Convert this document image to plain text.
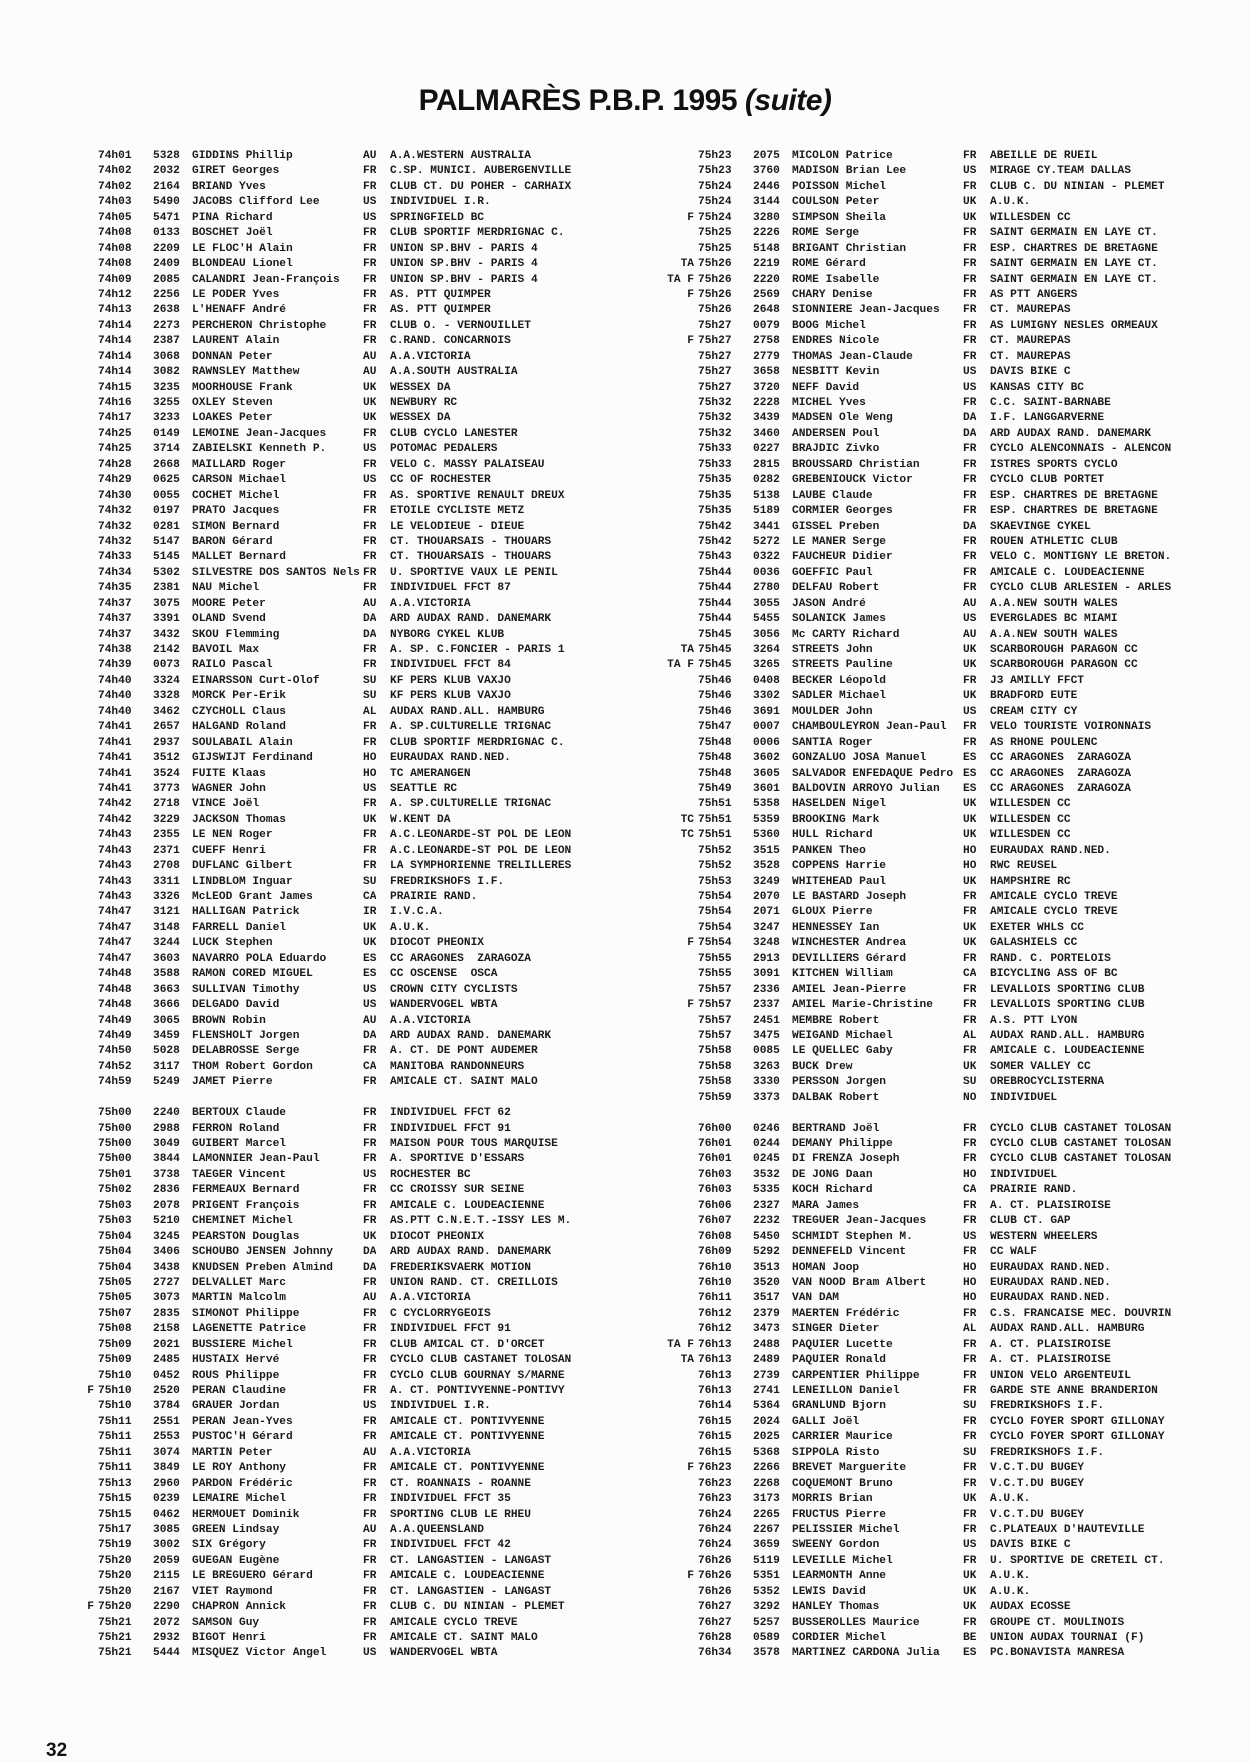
PALMARÈS P.B.P. 1995 (suite)
74h01 5328 GIDDINS Phillip	AU A.A.WESTERN AUSTRALIA
74h02 2032 GIRET Georges	FR C.SP. MUNICI. AUBERGENVILLE
74h02 2164 BRIAND Yves	FR CLUB CT. DU POHER - CARHAIX
74h03 5490 JACOBS Clifford Lee	US INDIVIDUEL I.R.
74h05 5471 PINA Richard	US SPRINGFIELD BC
74h08 0133 BOSCHET Joël	FR CLUB SPORTIF MERDRIGNAC C.
74h08 2209 LE FLOC'H Alain	FR UNION SP.BHV - PARIS 4
74h08 2409 BLONDEAU Lionel	FR UNION SP.BHV - PARIS 4
74h09 2085 CALANDRI Jean-François	FR UNION SP.BHV - PARIS 4
74h12 2256 LE PODER Yves	FR AS. PTT QUIMPER
74h13 2638 L'HENAFF André	FR AS. PTT QUIMPER
74h14 2273 PERCHERON Christophe	FR CLUB O. - VERNOUILLET
74h14 2387 LAURENT Alain	FR C.RAND. CONCARNOIS
74h14 3068 DONNAN Peter	AU A.A.VICTORIA
74h14 3082 RAWNSLEY Matthew	AU A.A.SOUTH AUSTRALIA
74h15 3235 MOORHOUSE Frank	UK WESSEX DA
74h16 3255 OXLEY Steven	UK NEWBURY RC
74h17 3233 LOAKES Peter	UK WESSEX DA
74h25 0149 LEMOINE Jean-Jacques	FR CLUB CYCLO LANESTER
74h25 3714 ZABIELSKI Kenneth P.	US POTOMAC PEDALERS
74h28 2668 MAILLARD Roger	FR VELO C. MASSY PALAISEAU
74h29 0625 CARSON Michael	US CC OF ROCHESTER
74h30 0055 COCHET Michel	FR AS. SPORTIVE RENAULT DREUX
74h32 0197 PRATO Jacques	FR ETOILE CYCLISTE METZ
74h32 0281 SIMON Bernard	FR LE VELODIEUE - DIEUE
74h32 5147 BARON Gérard	FR CT. THOUARSAIS - THOUARS
74h33 5145 MALLET Bernard	FR CT. THOUARSAIS - THOUARS
74h34 5302 SILVESTRE DOS SANTOS Nels FR U. SPORTIVE VAUX LE PENIL
74h35 2381 NAU Michel	FR INDIVIDUEL FFCT 87
74h37 3075 MOORE Peter	AU A.A.VICTORIA
74h37 3391 OLAND Svend	DA ARD AUDAX RAND. DANEMARK
74h37 3432 SKOU Flemming	DA NYBORG CYKEL KLUB
74h38 2142 BAVOIL Max	FR A. SP. C.FONCIER - PARIS 1
74h39 0073 RAILO Pascal	FR INDIVIDUEL FFCT 84
74h40 3324 EINARSSON Curt-Olof	SU KF PERS KLUB VAXJO
74h40 3328 MORCK Per-Erik	SU KF PERS KLUB VAXJO
74h40 3462 CZYCHOLL Claus	AL AUDAX RAND.ALL. HAMBURG
74h41 2657 HALGAND Roland	FR A. SP.CULTURELLE TRIGNAC
74h41 2937 SOULABAIL Alain	FR CLUB SPORTIF MERDRIGNAC C.
74h41 3512 GIJSWIJT Ferdinand	HO EURAUDAX RAND.NED.
74h41 3524 FUITE Klaas	HO TC AMERANGEN
74h41 3773 WAGNER John	US SEATTLE RC
74h42 2718 VINCE Joël	FR A. SP.CULTURELLE TRIGNAC
74h42 3229 JACKSON Thomas	UK W.KENT DA
74h43 2355 LE NEN Roger	FR A.C.LEONARDE-ST POL DE LEON
74h43 2371 CUEFF Henri	FR A.C.LEONARDE-ST POL DE LEON
74h43 2708 DUFLANC Gilbert	FR LA SYMPHORIENNE TRELILLERES
74h43 3311 LINDBLOM Inguar	SU FREDRIKSHOFS I.F.
74h43 3326 McLEOD Grant James	CA PRAIRIE RAND.
74h47 3121 HALLIGAN Patrick	IR I.V.C.A.
74h47 3148 FARRELL Daniel	UK A.U.K.
74h47 3244 LUCK Stephen	UK DIOCOT PHEONIX
74h47 3603 NAVARRO POLA Eduardo	ES CC ARAGONES  ZARAGOZA
74h48 3588 RAMON CORED MIGUEL	ES CC OSCENSE  OSCA
74h48 3663 SULLIVAN Timothy	US CROWN CITY CYCLISTS
74h48 3666 DELGADO David	US WANDERVOGEL WBTA
74h49 3065 BROWN Robin	AU A.A.VICTORIA
74h49 3459 FLENSHOLT Jorgen	DA ARD AUDAX RAND. DANEMARK
74h50 5028 DELABROSSE Serge	FR A. CT. DE PONT AUDEMER
74h52 3117 THOM Robert Gordon	CA MANITOBA RANDONNEURS
74h59 5249 JAMET Pierre	FR AMICALE CT. SAINT MALO
75h00 2240 BERTOUX Claude	FR INDIVIDUEL FFCT 62
75h00 2988 FERRON Roland	FR INDIVIDUEL FFCT 91
75h00 3049 GUIBERT Marcel	FR MAISON POUR TOUS MARQUISE
75h00 3844 LAMONNIER Jean-Paul	FR A. SPORTIVE D'ESSARS
75h01 3738 TAEGER Vincent	US ROCHESTER BC
75h02 2836 FERMEAUX Bernard	FR CC CROISSY SUR SEINE
75h03 2078 PRIGENT François	FR AMICALE C. LOUDEACIENNE
75h03 5210 CHEMINET Michel	FR AS.PTT C.N.E.T.-ISSY LES M.
75h04 3245 PEARSTON Douglas	UK DIOCOT PHEONIX
75h04 3406 SCHOUBO JENSEN Johnny	DA ARD AUDAX RAND. DANEMARK
75h04 3438 KNUDSEN Preben Almind	DA FREDERIKSVAERK MOTION
75h05 2727 DELVALLET Marc	FR UNION RAND. CT. CREILLOIS
75h05 3073 MARTIN Malcolm	AU A.A.VICTORIA
75h07 2835 SIMONOT Philippe	FR C CYCLORRYGEOIS
75h08 2158 LAGENETTE Patrice	FR INDIVIDUEL FFCT 91
75h09 2021 BUSSIERE Michel	FR CLUB AMICAL CT. D'ORCET
75h09 2485 HUSTAIX Hervé	FR CYCLO CLUB CASTANET TOLOSAN
75h10 0452 ROUS Philippe	FR CYCLO CLUB GOURNAY S/MARNE
F 75h10 2520 PERAN Claudine	FR A. CT. PONTIVYENNE-PONTIVY
75h10 3784 GRAUER Jordan	US INDIVIDUEL I.R.
75h11 2551 PERAN Jean-Yves	FR AMICALE CT. PONTIVYENNE
75h11 2553 PUSTOC'H Gérard	FR AMICALE CT. PONTIVYENNE
75h11 3074 MARTIN Peter	AU A.A.VICTORIA
75h11 3849 LE ROY Anthony	FR AMICALE CT. PONTIVYENNE
75h13 2960 PARDON Frédéric	FR CT. ROANNAIS - ROANNE
75h15 0239 LEMAIRE Michel	FR INDIVIDUEL FFCT 35
75h15 0462 HERMOUET Dominik	FR SPORTING CLUB LE RHEU
75h17 3085 GREEN Lindsay	AU A.A.QUEENSLAND
75h19 3002 SIX Grégory	FR INDIVIDUEL FFCT 42
75h20 2059 GUEGAN Eugène	FR CT. LANGASTIEN - LANGAST
75h20 2115 LE BREGUERO Gérard	FR AMICALE C. LOUDEACIENNE
75h20 2167 VIET Raymond	FR CT. LANGASTIEN - LANGAST
F 75h20 2290 CHAPRON Annick	FR CLUB C. DU NINIAN - PLEMET
75h21 2072 SAMSON Guy	FR AMICALE CYCLO TREVE
75h21 2932 BIGOT Henri	FR AMICALE CT. SAINT MALO
75h21 5444 MISQUEZ Victor Angel	US WANDERVOGEL WBTA
75h23 2075 MICOLON Patrice	FR ABEILLE DE RUEIL
75h23 3760 MADISON Brian Lee	US MIRAGE CY.TEAM DALLAS
75h24 2446 POISSON Michel	FR CLUB C. DU NINIAN - PLEMET
75h24 3144 COULSON Peter	UK A.U.K.
F 75h24 3280 SIMPSON Sheila	UK WILLESDEN CC
75h25 2226 ROME Serge	FR SAINT GERMAIN EN LAYE CT.
75h25 5148 BRIGANT Christian	FR ESP. CHARTRES DE BRETAGNE
TA 75h26 2219 ROME Gérard	FR SAINT GERMAIN EN LAYE CT.
TA F 75h26 2220 ROME Isabelle	FR SAINT GERMAIN EN LAYE CT.
F 75h26 2569 CHARY Denise	FR AS PTT ANGERS
75h26 2648 SIONNIERE Jean-Jacques	FR CT. MAUREPAS
75h27 0079 BOOG Michel	FR AS LUMIGNY NESLES ORMEAUX
F 75h27 2758 ENDRES Nicole	FR CT. MAUREPAS
75h27 2779 THOMAS Jean-Claude	FR CT. MAUREPAS
75h27 3658 NESBITT Kevin	US DAVIS BIKE C
75h27 3720 NEFF David	US KANSAS CITY BC
75h32 2228 MICHEL Yves	FR C.C. SAINT-BARNABE
75h32 3439 MADSEN Ole Weng	DA I.F. LANGGARVERNE
75h32 3460 ANDERSEN Poul	DA ARD AUDAX RAND. DANEMARK
75h33 0227 BRAJDIC Zivko	FR CYCLO ALENCONNAIS - ALENCON
75h33 2815 BROUSSARD Christian	FR ISTRES SPORTS CYCLO
75h35 0282 GREBENIOUCK Victor	FR CYCLO CLUB PORTET
75h35 5138 LAUBE Claude	FR ESP. CHARTRES DE BRETAGNE
75h35 5189 CORMIER Georges	FR ESP. CHARTRES DE BRETAGNE
75h42 3441 GISSEL Preben	DA SKAEVINGE CYKEL
75h42 5272 LE MANER Serge	FR ROUEN ATHLETIC CLUB
75h43 0322 FAUCHEUR Didier	FR VELO C. MONTIGNY LE BRETON.
75h44 0036 GOEFFIC Paul	FR AMICALE C. LOUDEACIENNE
75h44 2780 DELFAU Robert	FR CYCLO CLUB ARLESIEN - ARLES
75h44 3055 JASON André	AU A.A.NEW SOUTH WALES
75h44 5455 SOLANICK James	US EVERGLADES BC MIAMI
75h45 3056 Mc CARTY Richard	AU A.A.NEW SOUTH WALES
TA 75h45 3264 STREETS John	UK SCARBOROUGH PARAGON CC
TA F 75h45 3265 STREETS Pauline	UK SCARBOROUGH PARAGON CC
75h46 0408 BECKER Léopold	FR J3 AMILLY FFCT
75h46 3302 SADLER Michael	UK BRADFORD EUTE
75h46 3691 MOULDER John	US CREAM CITY CY
75h47 0007 CHAMBOULEYRON Jean-Paul	FR VELO TOURISTE VOIRONNAIS
75h48 0006 SANTIA Roger	FR AS RHONE POULENC
75h48 3602 GONZALUO JOSA Manuel	ES CC ARAGONES  ZARAGOZA
75h48 3605 SALVADOR ENFEDAQUE Pedro ES CC ARAGONES  ZARAGOZA
75h49 3601 BALDOVIN ARROYO Julian	ES CC ARAGONES  ZARAGOZA
75h51 5358 HASELDEN Nigel	UK WILLESDEN CC
TC 75h51 5359 BROOKING Mark	UK WILLESDEN CC
TC 75h51 5360 HULL Richard	UK WILLESDEN CC
75h52 3515 PANKEN Theo	HO EURAUDAX RAND.NED.
75h52 3528 COPPENS Harrie	HO RWC REUSEL
75h53 3249 WHITEHEAD Paul	UK HAMPSHIRE RC
75h54 2070 LE BASTARD Joseph	FR AMICALE CYCLO TREVE
75h54 2071 GLOUX Pierre	FR AMICALE CYCLO TREVE
75h54 3247 HENNESSEY Ian	UK EXETER WHLS CC
F 75h54 3248 WINCHESTER Andrea	UK GALASHIELS CC
75h55 2913 DEVILLIERS Gérard	FR RAND. C. PORTELOIS
75h55 3091 KITCHEN William	CA BICYCLING ASS OF BC
75h57 2336 AMIEL Jean-Pierre	FR LEVALLOIS SPORTING CLUB
F 75h57 2337 AMIEL Marie-Christine	FR LEVALLOIS SPORTING CLUB
75h57 2451 MEMBRE Robert	FR A.S. PTT LYON
75h57 3475 WEIGAND Michael	AL AUDAX RAND.ALL. HAMBURG
75h58 0085 LE QUELLEC Gaby	FR AMICALE C. LOUDEACIENNE
75h58 3263 BUCK Drew	UK SOMER VALLEY CC
75h58 3330 PERSSON Jorgen	SU OREBROCYCLISTERNA
75h59 3373 DALBAK Robert	NO INDIVIDUEL
76h00 0246 BERTRAND Joël	FR CYCLO CLUB CASTANET TOLOSAN
76h01 0244 DEMANY Philippe	FR CYCLO CLUB CASTANET TOLOSAN
76h01 0245 DI FRENZA Joseph	FR CYCLO CLUB CASTANET TOLOSAN
76h03 3532 DE JONG Daan	HO INDIVIDUEL
76h03 5335 KOCH Richard	CA PRAIRIE RAND.
76h06 2327 MARA James	FR A. CT. PLAISIROISE
76h07 2232 TREGUER Jean-Jacques	FR CLUB CT. GAP
76h08 5450 SCHMIDT Stephen M.	US WESTERN WHEELERS
76h09 5292 DENNEFELD Vincent	FR CC WALF
76h10 3513 HOMAN Joop	HO EURAUDAX RAND.NED.
76h10 3520 VAN NOOD Bram Albert	HO EURAUDAX RAND.NED.
76h11 3517 VAN DAM	HO EURAUDAX RAND.NED.
76h12 2379 MAERTEN Frédéric	FR C.S. FRANCAISE MEC. DOUVRIN
76h12 3473 SINGER Dieter	AL AUDAX RAND.ALL. HAMBURG
TA F 76h13 2488 PAQUIER Lucette	FR A. CT. PLAISIROISE
TA 76h13 2489 PAQUIER Ronald	FR A. CT. PLAISIROISE
76h13 2739 CARPENTIER Philippe	FR UNION VELO ARGENTEUIL
76h13 2741 LENEILLON Daniel	FR GARDE STE ANNE BRANDERION
76h14 5364 GRANLUND Bjorn	SU FREDRIKSHOFS I.F.
76h15 2024 GALLI Joël	FR CYCLO FOYER SPORT GILLONAY
76h15 2025 CARRIER Maurice	FR CYCLO FOYER SPORT GILLONAY
76h15 5368 SIPPOLA Risto	SU FREDRIKSHOFS I.F.
F 76h23 2266 BREVET Marguerite	FR V.C.T.DU BUGEY
76h23 2268 COQUEMONT Bruno	FR V.C.T.DU BUGEY
76h23 3173 MORRIS Brian	UK A.U.K.
76h24 2265 FRUCTUS Pierre	FR V.C.T.DU BUGEY
76h24 2267 PELISSIER Michel	FR C.PLATEAUX D'HAUTEVILLE
76h24 3659 SWEENY Gordon	US DAVIS BIKE C
76h26 5119 LEVEILLE Michel	FR U. SPORTIVE DE CRETEIL CT.
F 76h26 5351 LEARMONTH Anne	UK A.U.K.
76h26 5352 LEWIS David	UK A.U.K.
76h27 3292 HANLEY Thomas	UK AUDAX ECOSSE
76h27 5257 BUSSEROLLES Maurice	FR GROUPE CT. MOULINOIS
76h28 0589 CORDIER Michel	BE UNION AUDAX TOURNAI (F)
76h34 3578 MARTINEZ CARDONA Julia	ES PC.BONAVISTA MANRESA
32
